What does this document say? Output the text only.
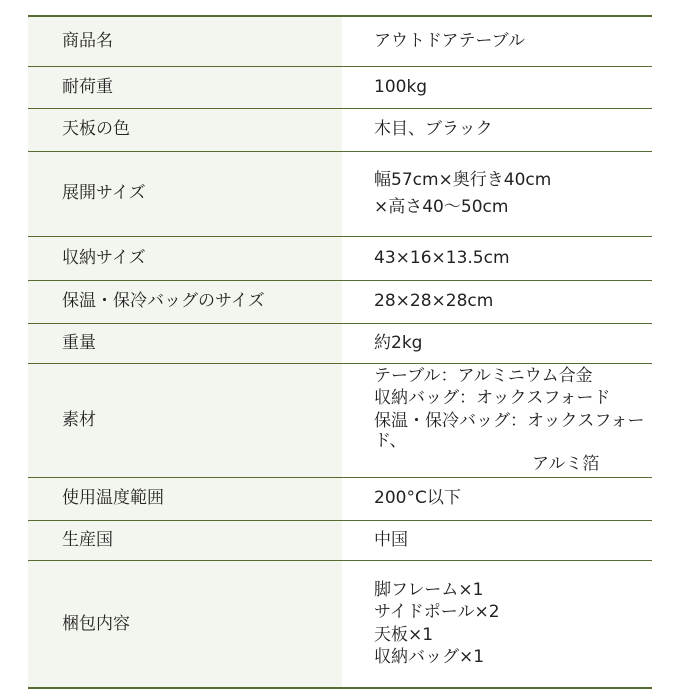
商品名	アウトドアテーブル
耐荷重	100kg
天板の色	木目、ブラック
展開サイズ	幅57cm×奥行き40cm
×高さ40～50cm

収納サイズ	43×16×13.5cm
保温・保冷バッグのサイズ	28×28×28cm
重量	約2kg
素材	テーブル：アルミニウム合金
収納バッグ：オックスフォード
保温・保冷バッグ：オックスフォード、
アルミ箔

使用温度範囲	200°C以下
生産国	中国
梱包内容	脚フレーム×1
サイドポール×2
天板×1
収納バッグ×1
